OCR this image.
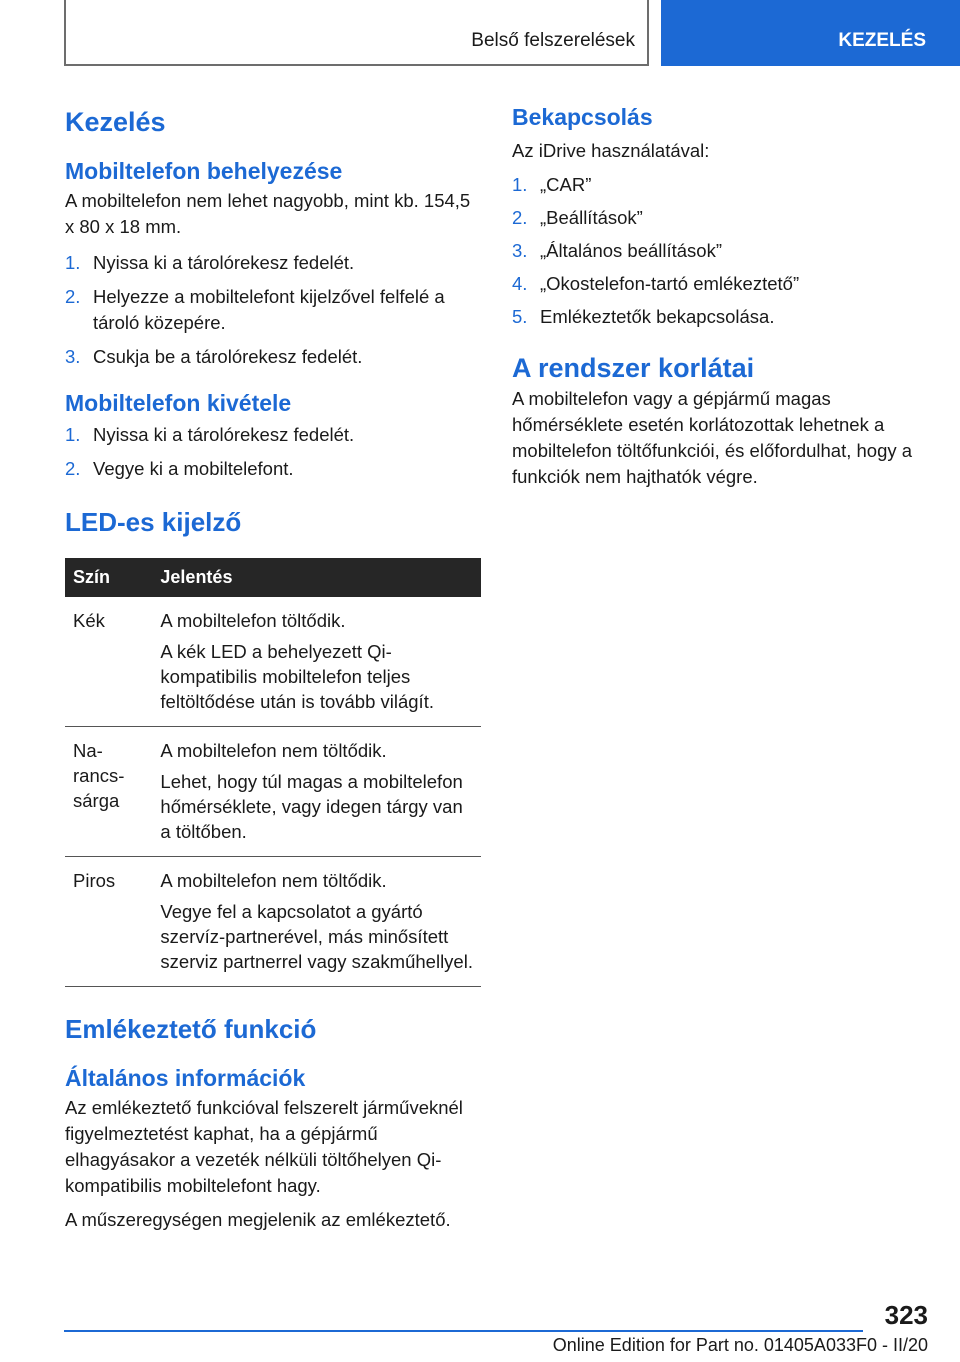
Belső felszerelések	KEZELÉS
Kezelés
Mobiltelefon behelyezése

A mobiltelefon nem lehet nagyobb, mint kb. 154,5 x 80 x 18 mm.

1. Nyissa ki a tárolórekesz fedelét.
2. Helyezze a mobiltelefont kijelzővel felfelé a tároló közepére.
3. Csukja be a tárolórekesz fedelét.
Mobiltelefon kivétele
1. Nyissa ki a tárolórekesz fedelét.
2. Vegye ki a mobiltelefont.
LED-es kijelző
Szín	Jelentés
Kék	A mobiltelefon töltődik.

A kék LED a behelyezett Qi-kompatibilis mobiltelefon teljes feltöltődése után is tovább világít.

Na-rancs-sárga	A mobiltelefon nem töltődik.

Lehet, hogy túl magas a mobiltelefon hőmérséklete, vagy idegen tárgy van a töltőben.

Piros	A mobiltelefon nem töltődik.

Vegye fel a kapcsolatot a gyártó szervíz-partnerével, más minősített szerviz partnerrel vagy szakműhellyel.

Emlékeztető funkció
Általános információk

Az emlékeztető funkcióval felszerelt járműveknél figyelmeztetést kaphat, ha a gépjármű elhagyásakor a vezeték nélküli töltőhelyen Qi-kompatibilis mobiltelefont hagy.

A műszeregységen megjelenik az emlékeztető.

Bekapcsolás

Az iDrive használatával:

1. „CAR”
2. „Beállítások”
3. „Általános beállítások”
4. „Okostelefon-tartó emlékeztető”
5. Emlékeztetők bekapcsolása.
A rendszer korlátai

A mobiltelefon vagy a gépjármű magas hőmérséklete esetén korlátozottak lehetnek a mobiltelefon töltőfunkciói, és előfordulhat, hogy a funkciók nem hajthatók végre.

323
Online Edition for Part no. 01405A033F0 - II/20
